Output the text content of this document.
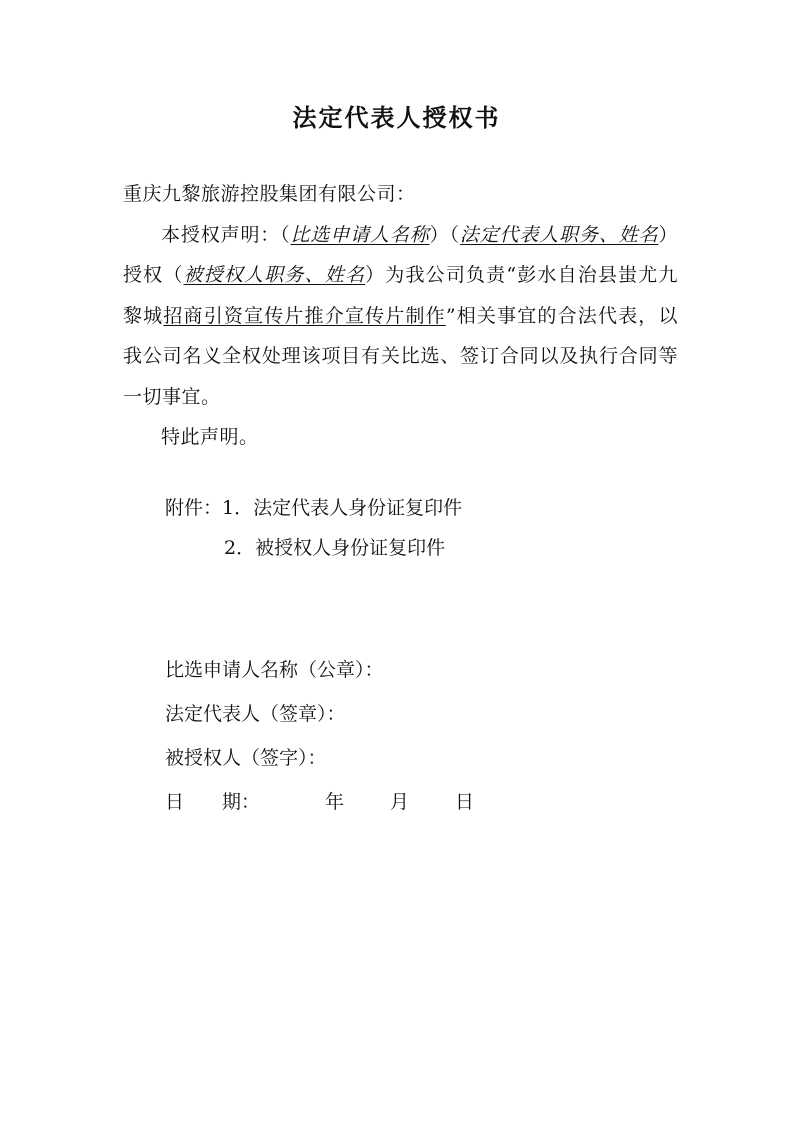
法定代表人授权书

重庆九黎旅游控股集团有限公司：

本授权声明：（比选申请人名称）（法定代表人职务、姓名）授权（被授权人职务、姓名）为我公司负责“彭水自治县蚩尤九黎城招商引资宣传片推介宣传片制作”相关事宜的合法代表，以我公司名义全权处理该项目有关比选、签订合同以及执行合同等一切事宜。

特此声明。

附件：1．法定代表人身份证复印件
2．被授权人身份证复印件
比选申请人名称（公章）：
法定代表人（签章）：
被授权人（签字）：
日　　期：	年 月 日
